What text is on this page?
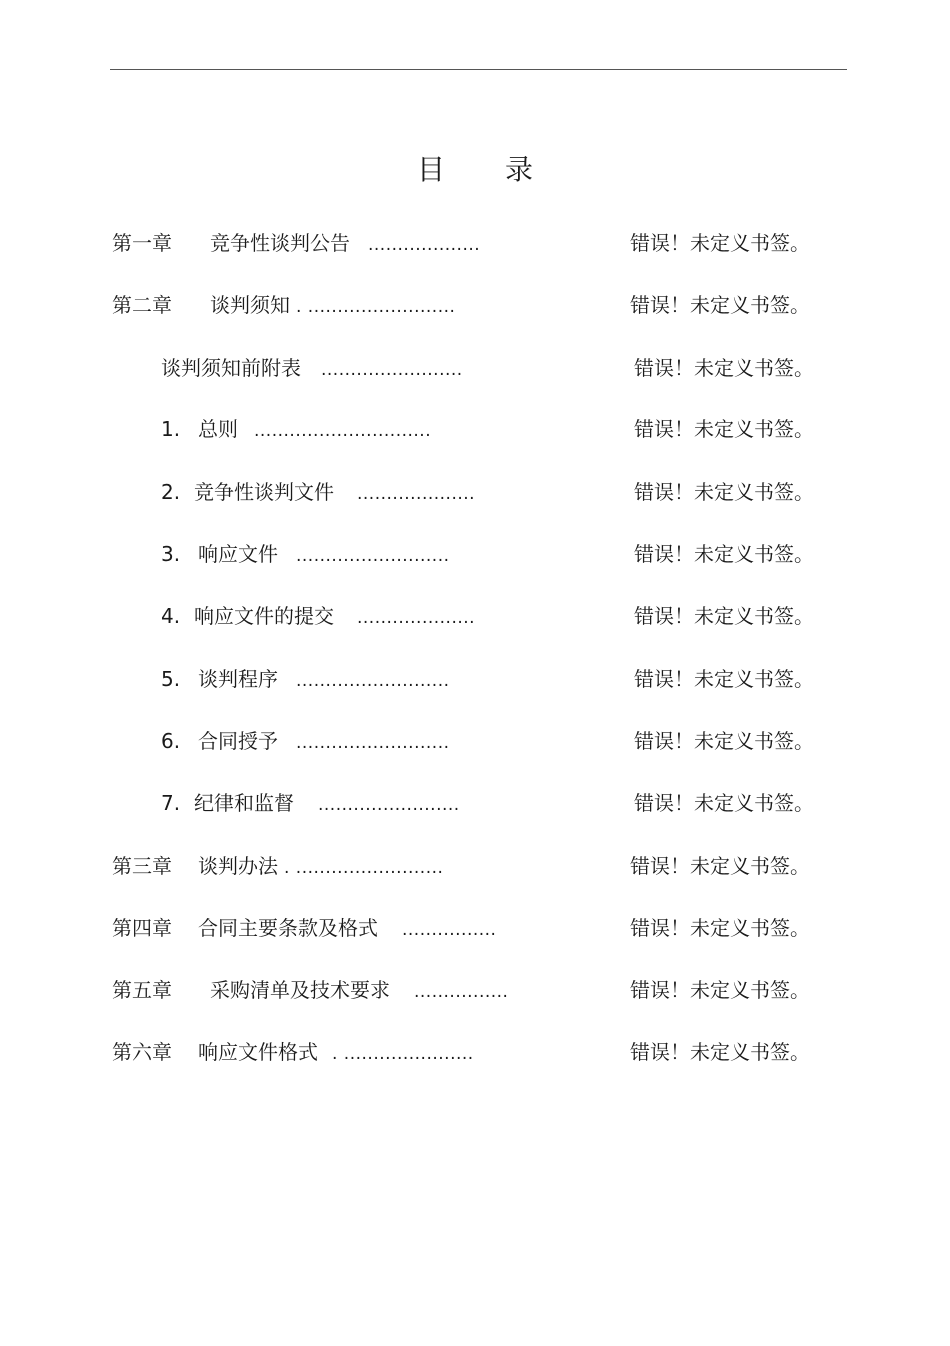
目 录
第一章 竞争性谈判公告 ...................	错误！未定义书签。
第二章 谈判须知 . .........................	错误！未定义书签。
谈判须知前附表 ........................	错误！未定义书签。
1. 总则 ..............................	错误！未定义书签。
2. 竞争性谈判文件 ....................	错误！未定义书签。
3. 响应文件 ..........................	错误！未定义书签。
4. 响应文件的提交 ....................	错误！未定义书签。
5. 谈判程序 ..........................	错误！未定义书签。
6. 合同授予 ..........................	错误！未定义书签。
7. 纪律和监督 ........................	错误！未定义书签。
第三章 谈判办法 . .........................	错误！未定义书签。
第四章 合同主要条款及格式 ................	错误！未定义书签。
第五章 采购清单及技术要求 ................	错误！未定义书签。
第六章 响应文件格式 . ......................	错误！未定义书签。
